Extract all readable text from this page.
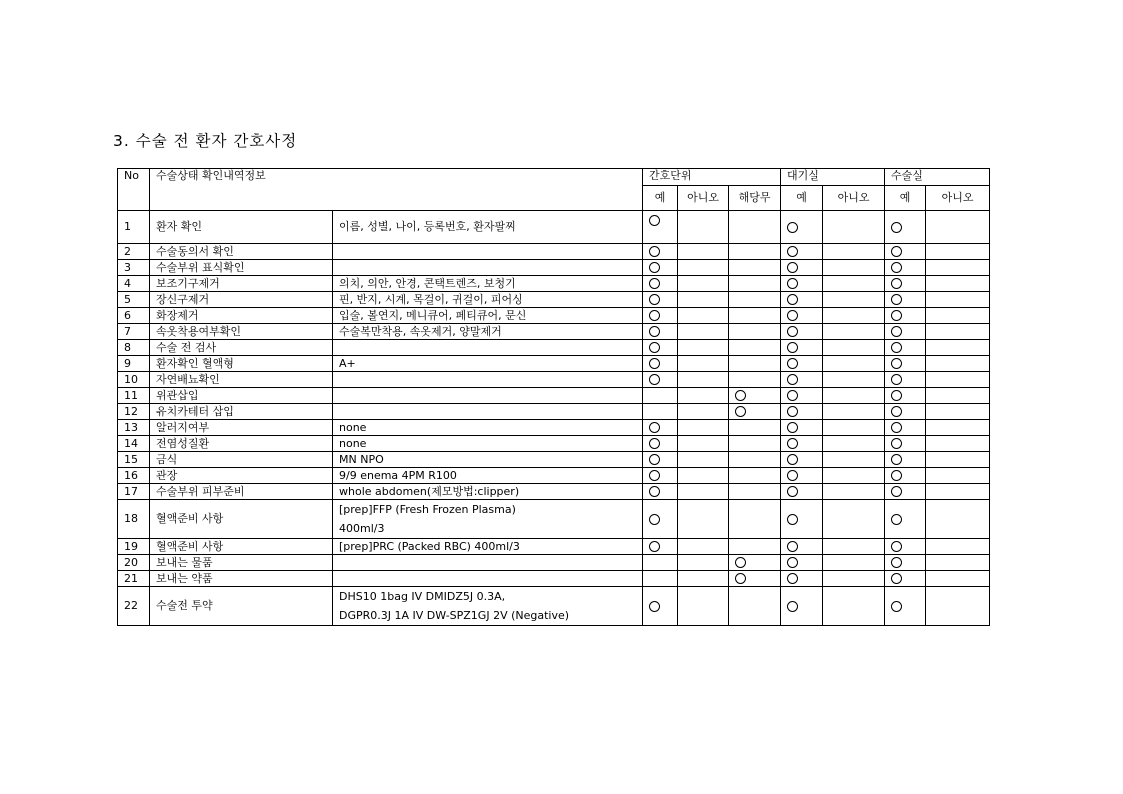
3. 수술 전 환자 간호사정
No	수술상태 확인내역정보		간호단위			대기실		수술실	
			예	아니오	해당무	예	아니오	예	아니오
1	환자 확인	이름, 성별, 나이, 등록번호, 환자팔찌							
2	수술동의서 확인								
3	수술부위 표식확인								
4	보조기구제거	의치, 의안, 안경, 콘택트렌즈, 보청기							
5	장신구제거	핀, 반지, 시계, 목걸이, 귀걸이, 피어싱							
6	화장제거	입술, 볼연지, 메니큐어, 페티큐어, 문신							
7	속옷착용여부확인	수술복만착용, 속옷제거, 양말제거							
8	수술 전 검사								
9	환자확인 혈액형	A+							
10	자연배뇨확인								
11	위관삽입								
12	유치카테터 삽입								
13	알러지여부	none							
14	전염성질환	none							
15	금식	MN NPO							
16	관장	9/9 enema 4PM R100							
17	수술부위 피부준비	whole abdomen(제모방법:clipper)							
18	혈액준비 사항	[prep]FFP (Fresh Frozen Plasma)
400ml/3							

19	혈액준비 사항	[prep]PRC (Packed RBC) 400ml/3							
20	보내는 물품								
21	보내는 약품								
22	수술전 투약	DHS10 1bag IV DMIDZ5J 0.3A,
DGPR0.3J 1A IV DW-SPZ1GJ 2V (Negative)							
